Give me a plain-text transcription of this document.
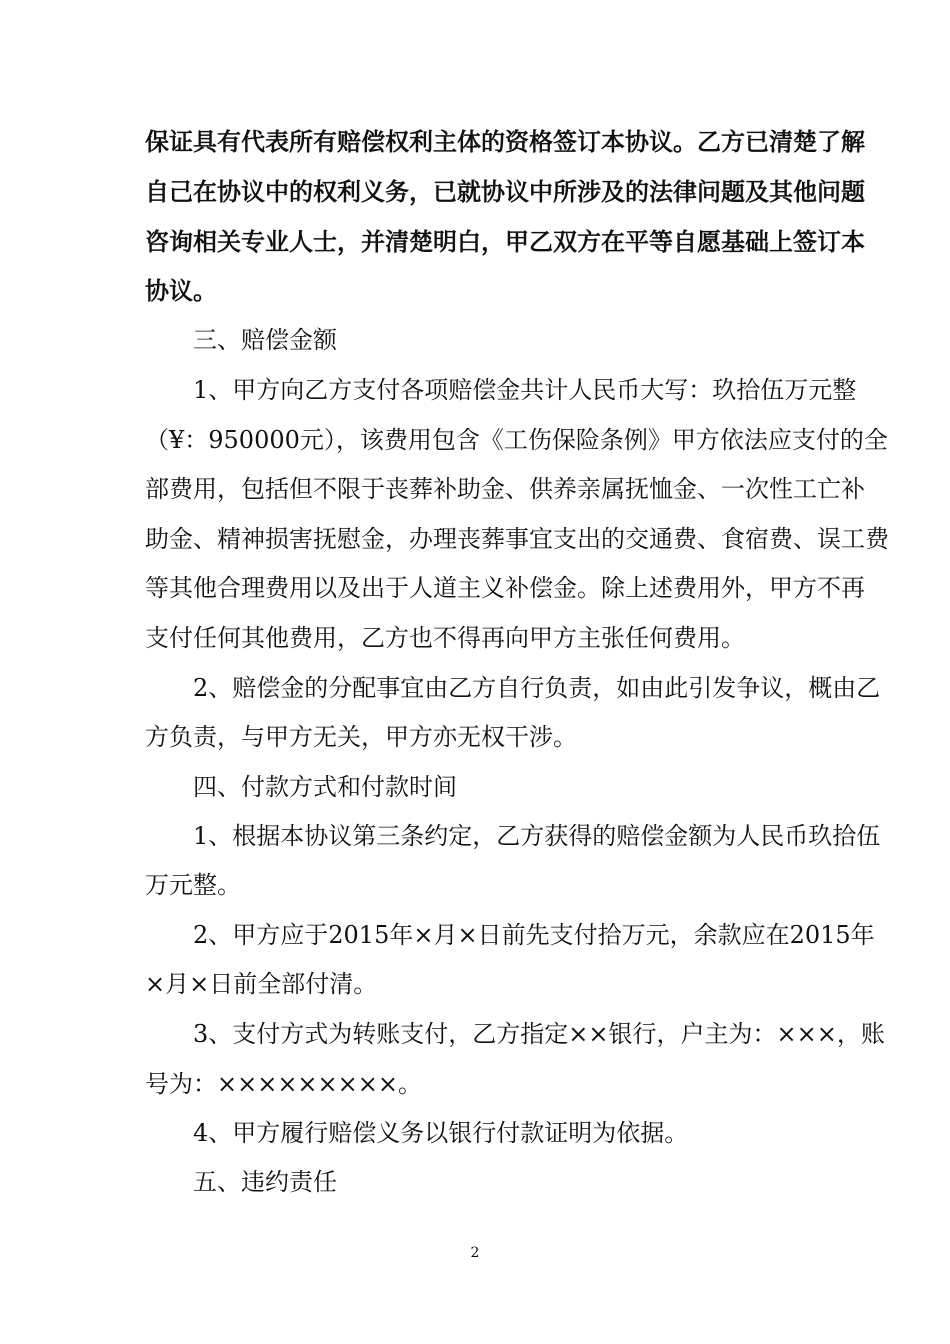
保证具有代表所有赔偿权利主体的资格签订本协议。乙方已清楚了解
自己在协议中的权利义务，已就协议中所涉及的法律问题及其他问题
咨询相关专业人士，并清楚明白，甲乙双方在平等自愿基础上签订本
协议。
三、赔偿金额
1、甲方向乙方支付各项赔偿金共计人民币大写：玖拾伍万元整
（¥：950000元），该费用包含《工伤保险条例》甲方依法应支付的全
部费用，包括但不限于丧葬补助金、供养亲属抚恤金、一次性工亡补
助金、精神损害抚慰金，办理丧葬事宜支出的交通费、食宿费、误工费
等其他合理费用以及出于人道主义补偿金。除上述费用外，甲方不再
支付任何其他费用，乙方也不得再向甲方主张任何费用。
2、赔偿金的分配事宜由乙方自行负责，如由此引发争议，概由乙
方负责，与甲方无关，甲方亦无权干涉。
四、付款方式和付款时间
1、根据本协议第三条约定，乙方获得的赔偿金额为人民币玖拾伍
万元整。
2、甲方应于2015年×月×日前先支付拾万元，余款应在2015年
×月×日前全部付清。
3、支付方式为转账支付，乙方指定××银行，户主为：×××，账
号为：×××××××××。
4、甲方履行赔偿义务以银行付款证明为依据。
五、违约责任
2
